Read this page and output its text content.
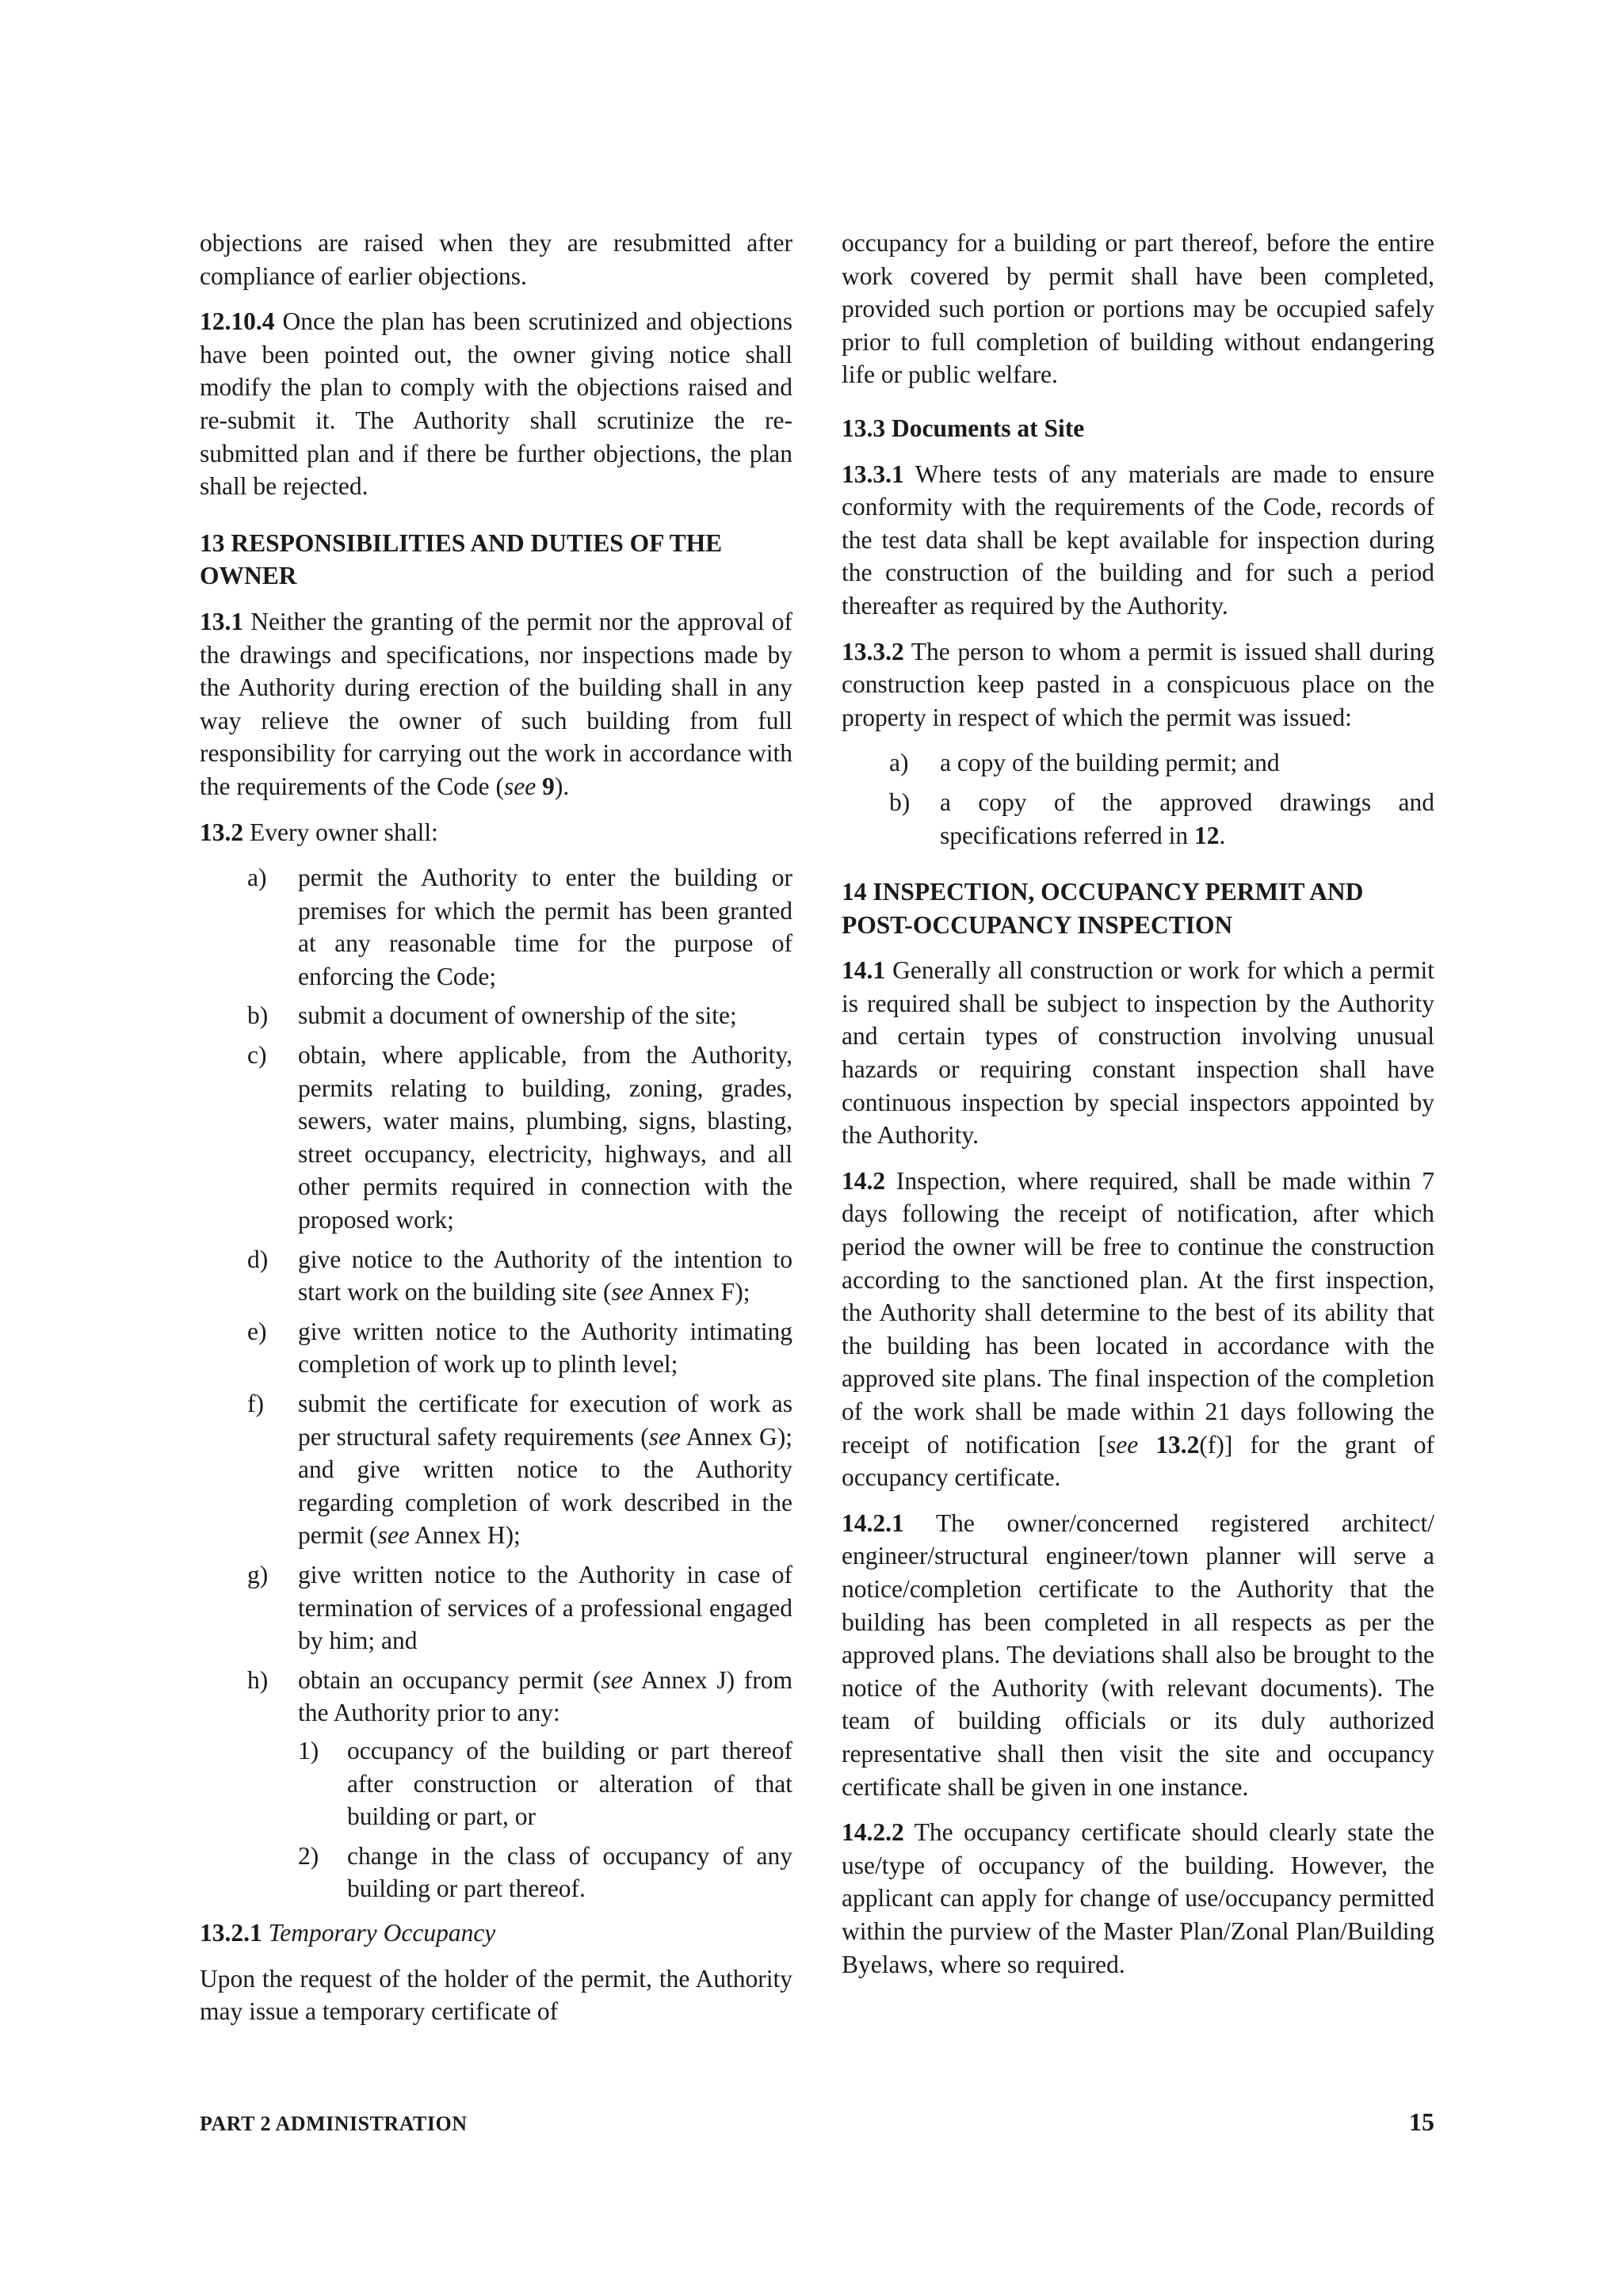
objections are raised when they are resubmitted after compliance of earlier objections.

12.10.4 Once the plan has been scrutinized and objections have been pointed out, the owner giving notice shall modify the plan to comply with the objections raised and re-submit it. The Authority shall scrutinize the re-submitted plan and if there be further objections, the plan shall be rejected.

13 RESPONSIBILITIES AND DUTIES OF THE OWNER

13.1 Neither the granting of the permit nor the approval of the drawings and specifications, nor inspections made by the Authority during erection of the building shall in any way relieve the owner of such building from full responsibility for carrying out the work in accordance with the requirements of the Code (see 9).

13.2 Every owner shall:

a) permit the Authority to enter the building or premises for which the permit has been granted at any reasonable time for the purpose of enforcing the Code;
b) submit a document of ownership of the site;
c) obtain, where applicable, from the Authority, permits relating to building, zoning, grades, sewers, water mains, plumbing, signs, blasting, street occupancy, electricity, highways, and all other permits required in connection with the proposed work;
d) give notice to the Authority of the intention to start work on the building site (see Annex F);
e) give written notice to the Authority intimating completion of work up to plinth level;
f) submit the certificate for execution of work as per structural safety requirements (see Annex G); and give written notice to the Authority regarding completion of work described in the permit (see Annex H);
g) give written notice to the Authority in case of termination of services of a professional engaged by him; and
h) obtain an occupancy permit (see Annex J) from the Authority prior to any:
1) occupancy of the building or part thereof after construction or alteration of that building or part, or
2) change in the class of occupancy of any building or part thereof.

13.2.1 Temporary Occupancy

Upon the request of the holder of the permit, the Authority may issue a temporary certificate of

occupancy for a building or part thereof, before the entire work covered by permit shall have been completed, provided such portion or portions may be occupied safely prior to full completion of building without endangering life or public welfare.

13.3 Documents at Site

13.3.1 Where tests of any materials are made to ensure conformity with the requirements of the Code, records of the test data shall be kept available for inspection during the construction of the building and for such a period thereafter as required by the Authority.

13.3.2 The person to whom a permit is issued shall during construction keep pasted in a conspicuous place on the property in respect of which the permit was issued:

a) a copy of the building permit; and
b) a copy of the approved drawings and specifications referred in 12.
14 INSPECTION, OCCUPANCY PERMIT AND POST-OCCUPANCY INSPECTION

14.1 Generally all construction or work for which a permit is required shall be subject to inspection by the Authority and certain types of construction involving unusual hazards or requiring constant inspection shall have continuous inspection by special inspectors appointed by the Authority.

14.2 Inspection, where required, shall be made within 7 days following the receipt of notification, after which period the owner will be free to continue the construction according to the sanctioned plan. At the first inspection, the Authority shall determine to the best of its ability that the building has been located in accordance with the approved site plans. The final inspection of the completion of the work shall be made within 21 days following the receipt of notification [see 13.2(f)] for the grant of occupancy certificate.

14.2.1 The owner/concerned registered architect/ engineer/structural engineer/town planner will serve a notice/completion certificate to the Authority that the building has been completed in all respects as per the approved plans. The deviations shall also be brought to the notice of the Authority (with relevant documents). The team of building officials or its duly authorized representative shall then visit the site and occupancy certificate shall be given in one instance.

14.2.2 The occupancy certificate should clearly state the use/type of occupancy of the building. However, the applicant can apply for change of use/occupancy permitted within the purview of the Master Plan/Zonal Plan/Building Byelaws, where so required.

PART 2 ADMINISTRATION	15
